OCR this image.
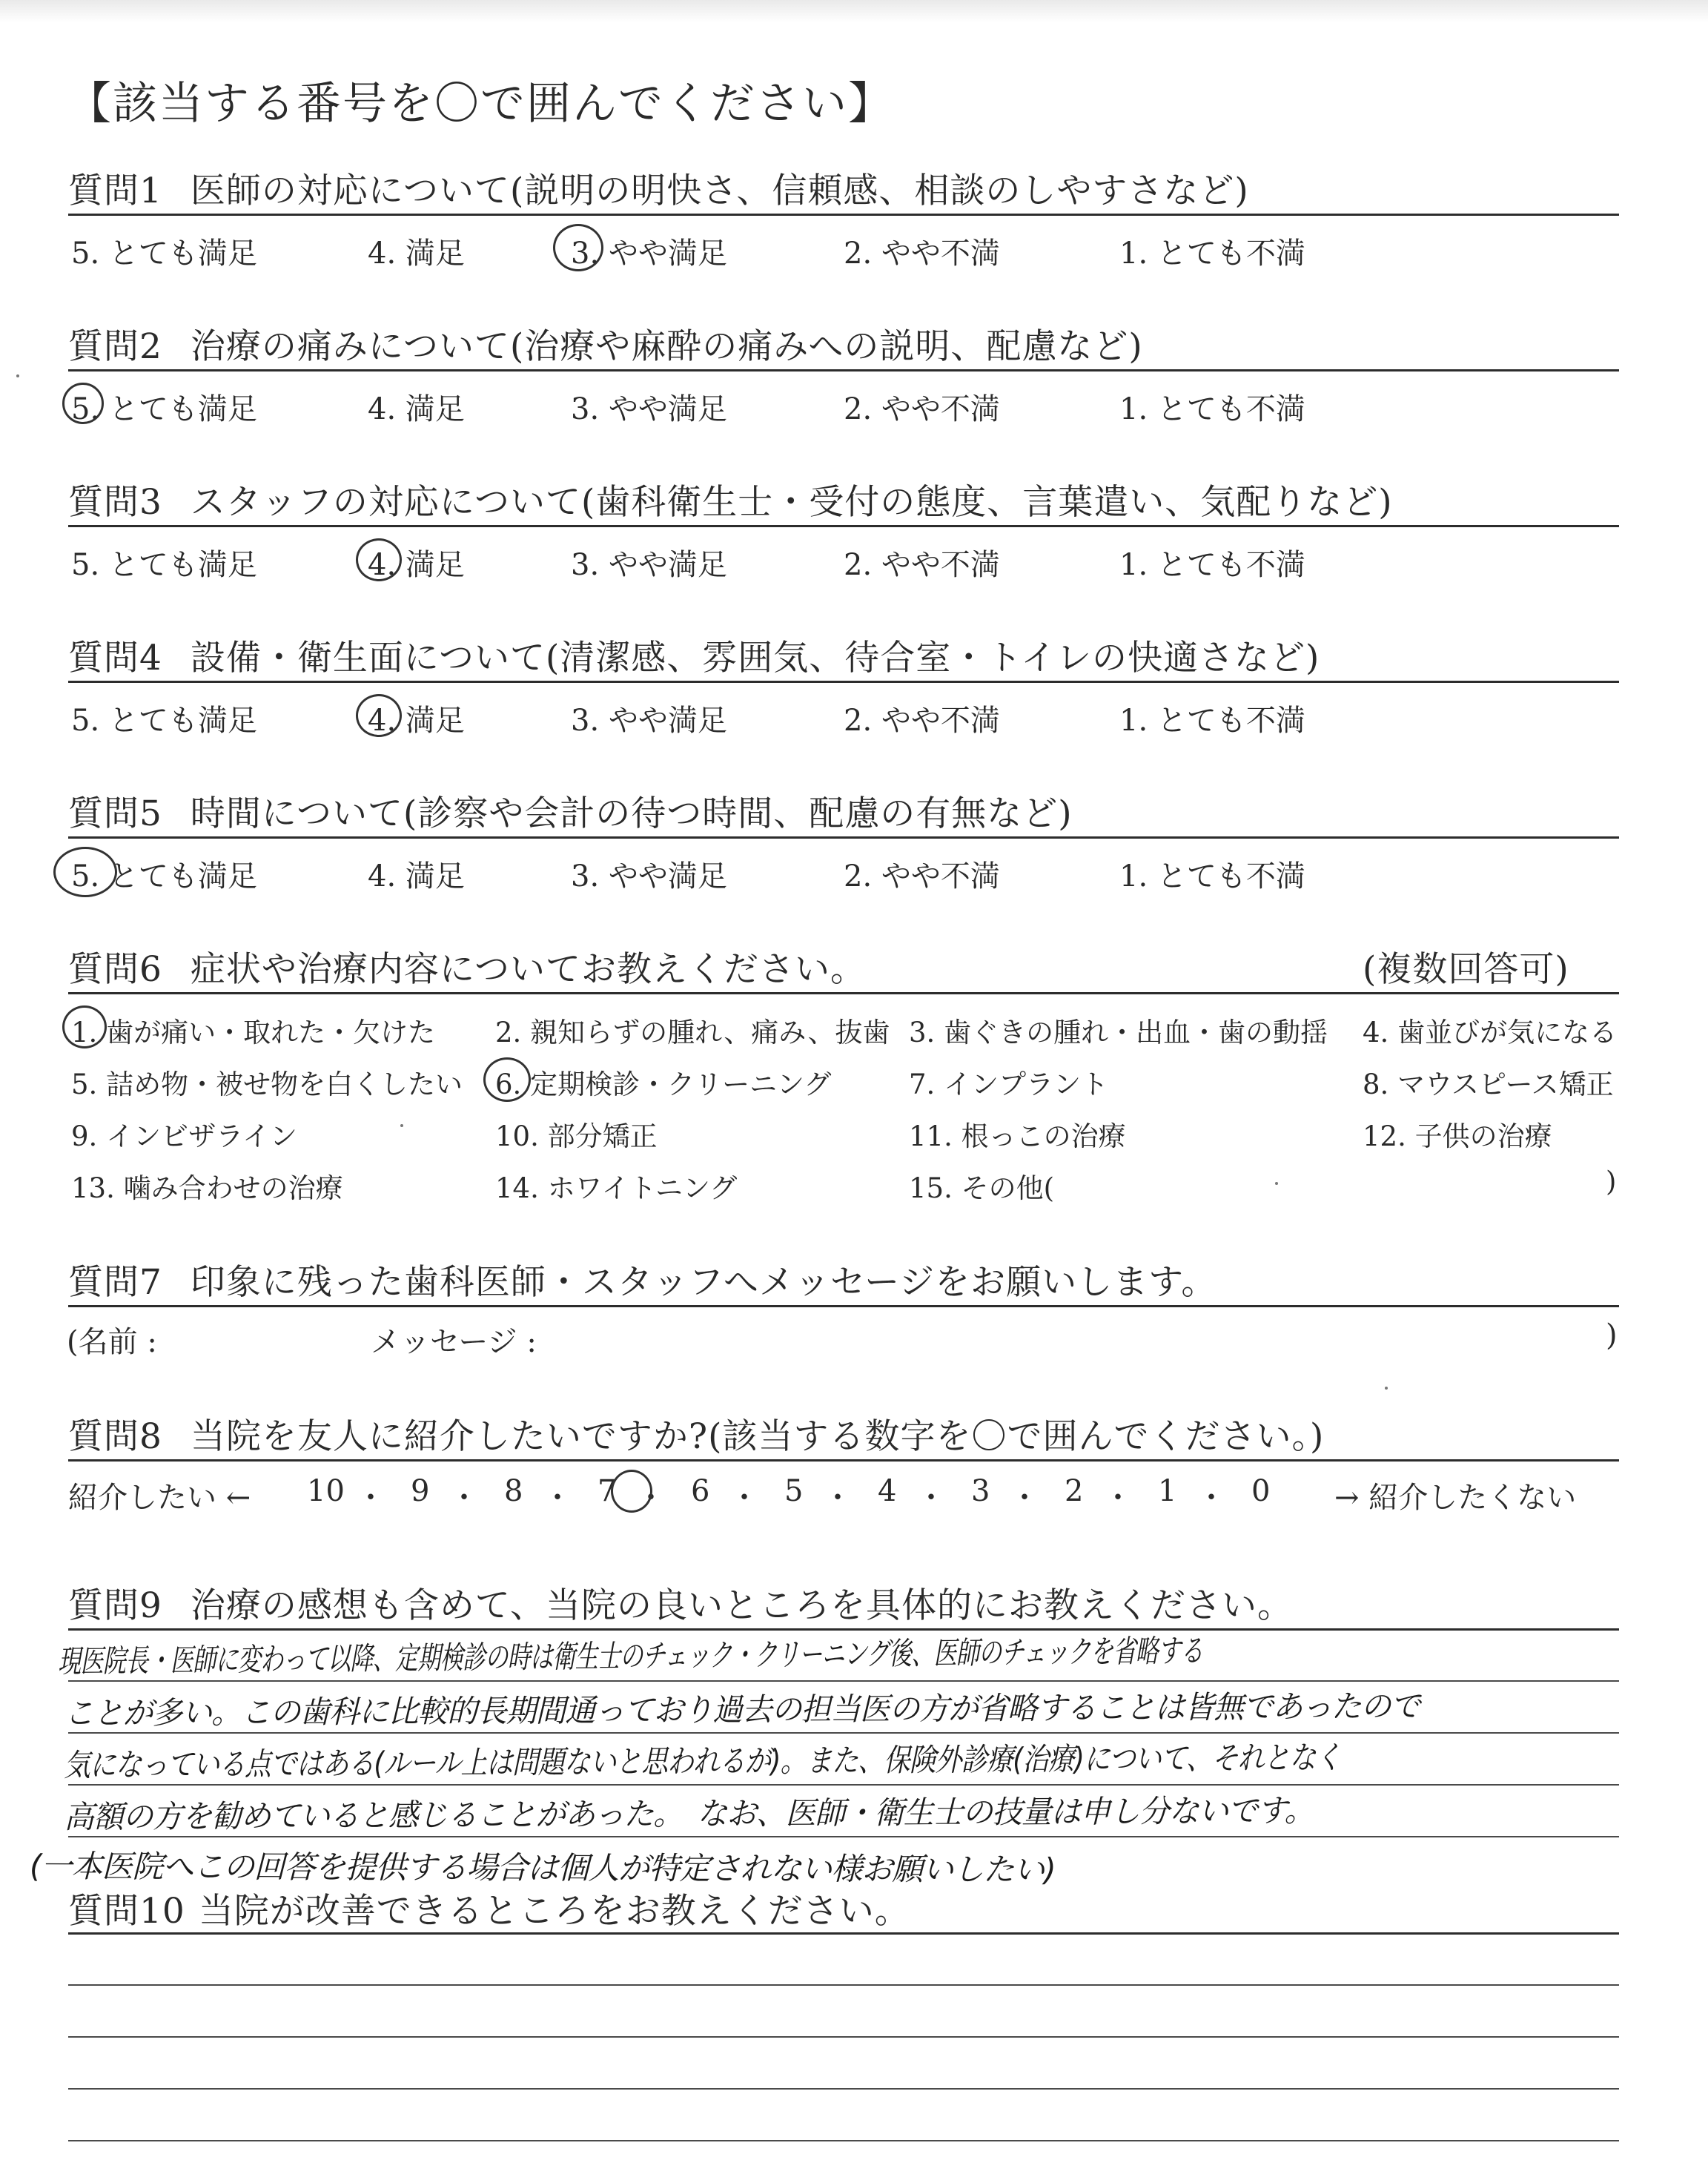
【該当する番号を〇で囲んでください】
質問1 医師の対応について(説明の明快さ、信頼感、相談のしやすさなど)
5. とても満足	4. 満足	3. やや満足	2. やや不満	1. とても不満
質問2 治療の痛みについて(治療や麻酔の痛みへの説明、配慮など)
5. とても満足	4. 満足	3. やや満足	2. やや不満	1. とても不満
質問3 スタッフの対応について(歯科衛生士・受付の態度、言葉遣い、気配りなど)
5. とても満足	4. 満足	3. やや満足	2. やや不満	1. とても不満
質問4 設備・衛生面について(清潔感、雰囲気、待合室・トイレの快適さなど)
5. とても満足	4. 満足	3. やや満足	2. やや不満	1. とても不満
質問5 時間について(診察や会計の待つ時間、配慮の有無など)
5. とても満足	4. 満足	3. やや満足	2. やや不満	1. とても不満
質問6 症状や治療内容についてお教えください。	(複数回答可)
1. 歯が痛い・取れた・欠けた 2. 親知らずの腫れ、痛み、抜歯 3. 歯ぐきの腫れ・出血・歯の動揺 4. 歯並びが気になる
5. 詰め物・被せ物を白くしたい 6. 定期検診・クリーニング	7. インプラント	8. マウスピース矯正
9. インビザライン	10. 部分矯正	11. 根っこの治療	12. 子供の治療
13. 噛み合わせの治療	14. ホワイトニング	15. その他(	)
質問7 印象に残った歯科医師・スタッフへメッセージをお願いします。
(名前 :	メッセージ :	)
質問8 当院を友人に紹介したいですか?(該当する数字を〇で囲んでください。)
紹介したい ←	→ 紹介したくない
10 ・ 9 ・ 8 ・ 7 ・ 6 ・ 5 ・ 4 ・ 3 ・ 2 ・ 1 ・ 0
質問9 治療の感想も含めて、当院の良いところを具体的にお教えください。
現医院長・医師に変わって以降、定期検診の時は衛生士のチェック・クリーニング後、医師のチェックを省略する
ことが多い。この歯科に比較的長期間通っており過去の担当医の方が省略することは皆無であったので
気になっている点ではある(ルール上は問題ないと思われるが)。また、保険外診療(治療)について、それとなく
高額の方を勧めていると感じることがあった。　なお、医師・衛生士の技量は申し分ないです。
(一本医院へこの回答を提供する場合は個人が特定されない様お願いしたい)
質問10 当院が改善できるところをお教えください。
